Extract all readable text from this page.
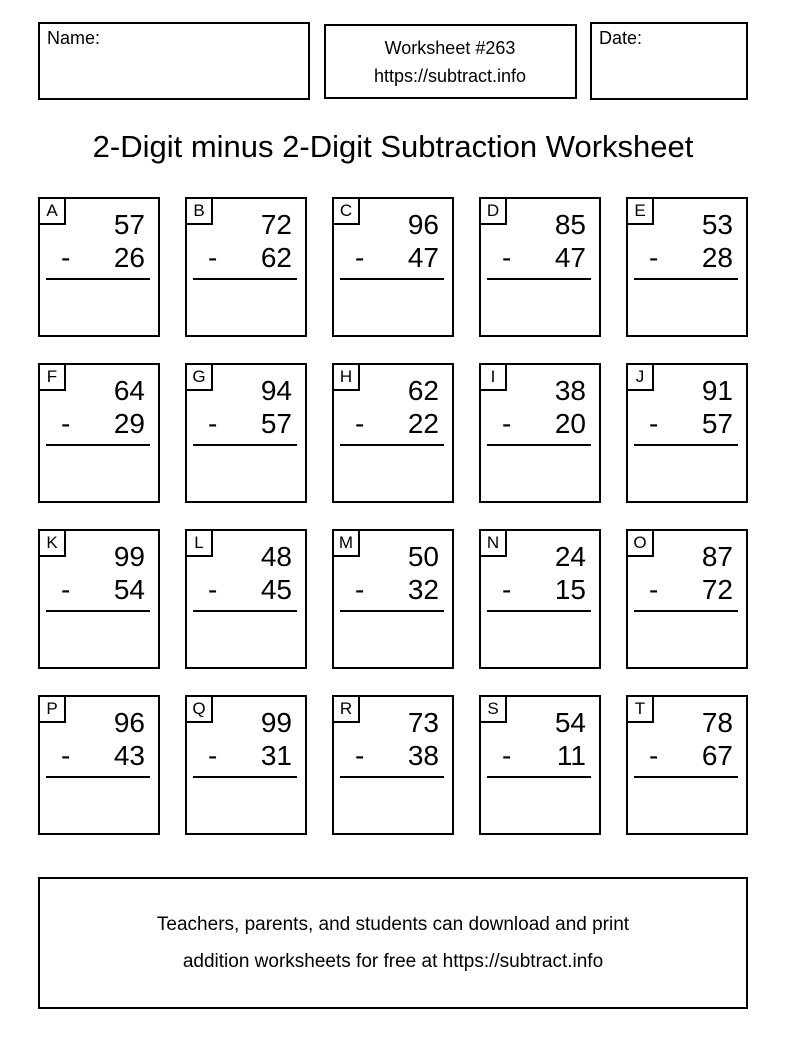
Name:	Worksheet #263
https://subtract.info
Date:
2-Digit minus 2-Digit Subtraction Worksheet
A	57
- 26
B	72
- 62
C	96
- 47
D	85
- 47
E	53
- 28
F	64
- 29
G	94
- 57
H	62
- 22
I	38
- 20
J	91
- 57
K	99
- 54
L	48
- 45
M	50
- 32
N	24
- 15
O	87
- 72
P	96
- 43
Q	99
- 31
R	73
- 38
S	54
- 11
T	78
- 67
Teachers, parents, and students can download and print
addition worksheets for free at https://subtract.info
